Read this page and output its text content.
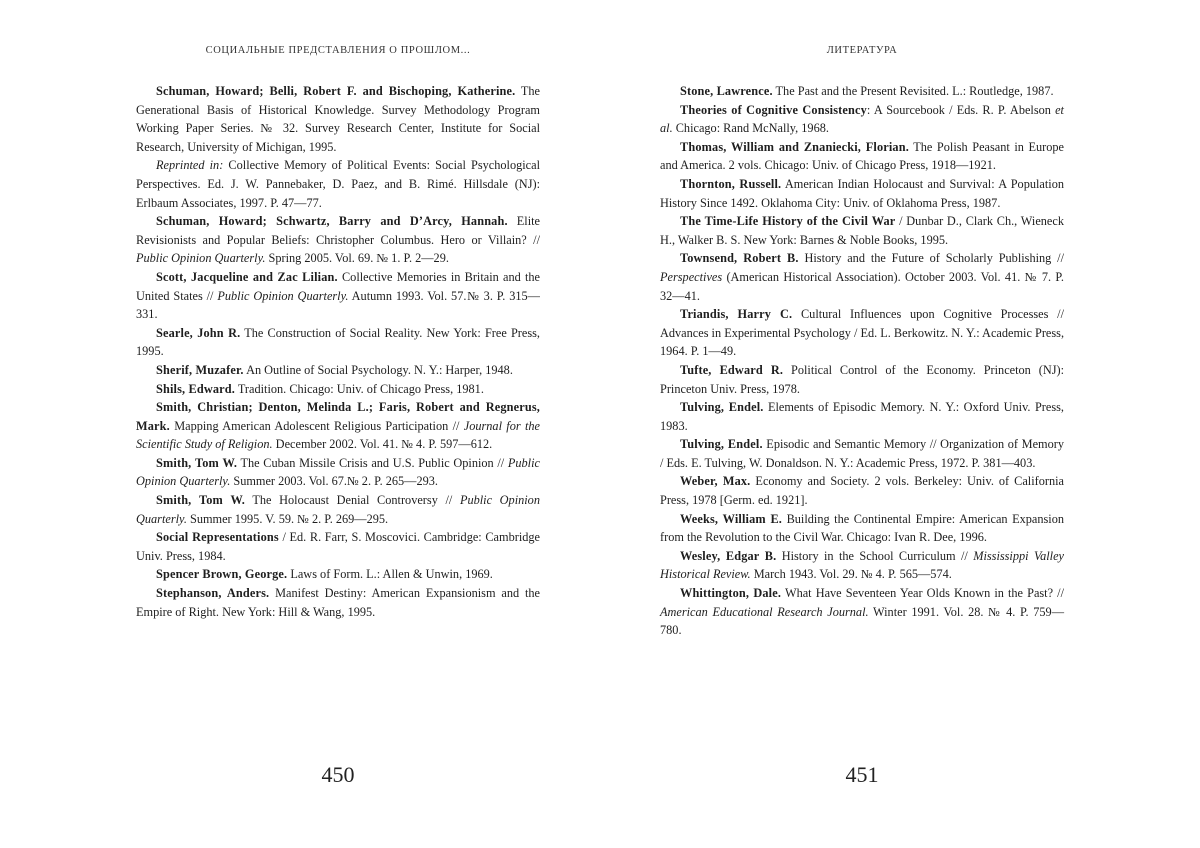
СОЦИАЛЬНЫЕ ПРЕДСТАВЛЕНИЯ О ПРОШЛОМ...

Schuman, Howard; Belli, Robert F. and Bischoping, Katherine. The Generational Basis of Historical Knowledge. Survey Methodology Program Working Paper Series. № 32. Survey Research Center, Institute for Social Research, University of Michigan, 1995.

Reprinted in: Collective Memory of Political Events: Social Psychological Perspectives. Ed. J. W. Pannebaker, D. Paez, and B. Rimé. Hillsdale (NJ): Erlbaum Associates, 1997. P. 47—77.

Schuman, Howard; Schwartz, Barry and D’Arcy, Hannah. Elite Revisionists and Popular Beliefs: Christopher Columbus. Hero or Villain? // Public Opinion Quarterly. Spring 2005. Vol. 69. № 1. P. 2—29.

Scott, Jacqueline and Zac Lilian. Collective Memories in Britain and the United States // Public Opinion Quarterly. Autumn 1993. Vol. 57.№ 3. P. 315—331.

Searle, John R. The Construction of Social Reality. New York: Free Press, 1995.

Sherif, Muzafer. An Outline of Social Psychology. N. Y.: Harper, 1948.

Shils, Edward. Tradition. Chicago: Univ. of Chicago Press, 1981.

Smith, Christian; Denton, Melinda L.; Faris, Robert and Regnerus, Mark. Mapping American Adolescent Religious Participation // Journal for the Scientific Study of Religion. December 2002. Vol. 41. № 4. P. 597—612.

Smith, Tom W. The Cuban Missile Crisis and U.S. Public Opinion // Public Opinion Quarterly. Summer 2003. Vol. 67.№ 2. P. 265—293.

Smith, Tom W. The Holocaust Denial Controversy // Public Opinion Quarterly. Summer 1995. V. 59. № 2. P. 269—295.

Social Representations / Ed. R. Farr, S. Moscovici. Cambridge: Cambridge Univ. Press, 1984.

Spencer Brown, George. Laws of Form. L.: Allen & Unwin, 1969.

Stephanson, Anders. Manifest Destiny: American Expansionism and the Empire of Right. New York: Hill & Wang, 1995.

450
ЛИТЕРАТУРА

Stone, Lawrence. The Past and the Present Revisited. L.: Routledge, 1987.

Theories of Cognitive Consistency: A Sourcebook / Eds. R. P. Abelson et al. Chicago: Rand McNally, 1968.

Thomas, William and Znaniecki, Florian. The Polish Peasant in Europe and America. 2 vols. Chicago: Univ. of Chicago Press, 1918—1921.

Thornton, Russell. American Indian Holocaust and Survival: A Population History Since 1492. Oklahoma City: Univ. of Oklahoma Press, 1987.

The Time-Life History of the Civil War / Dunbar D., Clark Ch., Wieneck H., Walker B. S. New York: Barnes & Noble Books, 1995.

Townsend, Robert B. History and the Future of Scholarly Publishing // Perspectives (American Historical Association). October 2003. Vol. 41. № 7. P. 32—41.

Triandis, Harry C. Cultural Influences upon Cognitive Processes // Advances in Experimental Psychology / Ed. L. Berkowitz. N. Y.: Academic Press, 1964. P. 1—49.

Tufte, Edward R. Political Control of the Economy. Princeton (NJ): Princeton Univ. Press, 1978.

Tulving, Endel. Elements of Episodic Memory. N. Y.: Oxford Univ. Press, 1983.

Tulving, Endel. Episodic and Semantic Memory // Organization of Memory / Eds. E. Tulving, W. Donaldson. N. Y.: Academic Press, 1972. P. 381—403.

Weber, Max. Economy and Society. 2 vols. Berkeley: Univ. of California Press, 1978 [Germ. ed. 1921].

Weeks, William E. Building the Continental Empire: American Expansion from the Revolution to the Civil War. Chicago: Ivan R. Dee, 1996.

Wesley, Edgar B. History in the School Curriculum // Mississippi Valley Historical Review. March 1943. Vol. 29. № 4. P. 565—574.

Whittington, Dale. What Have Seventeen Year Olds Known in the Past? // American Educational Research Journal. Winter 1991. Vol. 28. № 4. P. 759—780.

451
